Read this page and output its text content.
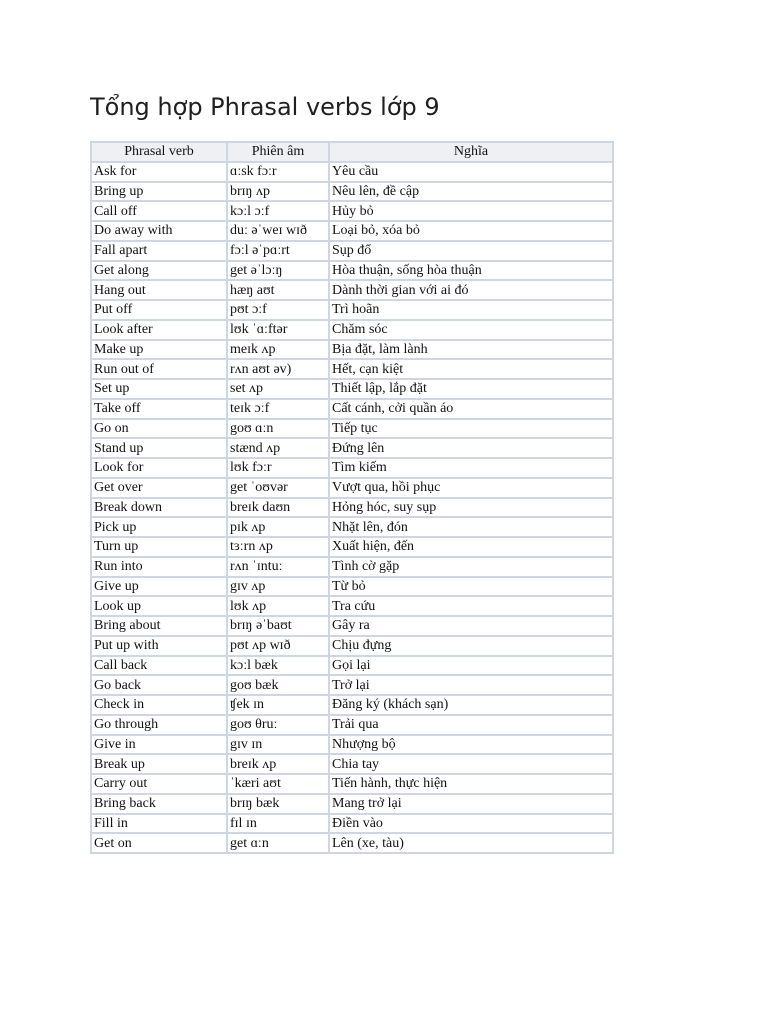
Tổng hợp Phrasal verbs lớp 9
Phrasal verb	Phiên âm	Nghĩa
Ask for	ɑːsk fɔːr	Yêu cầu
Bring up	brɪŋ ʌp	Nêu lên, đề cập
Call off	kɔːl ɔːf	Hủy bỏ
Do away with	duː əˈweɪ wɪð	Loại bỏ, xóa bỏ
Fall apart	fɔːl əˈpɑːrt	Sụp đổ
Get along	get əˈlɔːŋ	Hòa thuận, sống hòa thuận
Hang out	hæŋ aʊt	Dành thời gian với ai đó
Put off	pʊt ɔːf	Trì hoãn
Look after	lʊk ˈɑːftər	Chăm sóc
Make up	meɪk ʌp	Bịa đặt, làm lành
Run out of	rʌn aʊt əv)	Hết, cạn kiệt
Set up	set ʌp	Thiết lập, lắp đặt
Take off	teɪk ɔːf	Cất cánh, cởi quần áo
Go on	goʊ ɑːn	Tiếp tục
Stand up	stænd ʌp	Đứng lên
Look for	lʊk fɔːr	Tìm kiếm
Get over	get ˈoʊvər	Vượt qua, hồi phục
Break down	breɪk daʊn	Hỏng hóc, suy sụp
Pick up	pɪk ʌp	Nhặt lên, đón
Turn up	tɜːrn ʌp	Xuất hiện, đến
Run into	rʌn ˈɪntuː	Tình cờ gặp
Give up	gɪv ʌp	Từ bỏ
Look up	lʊk ʌp	Tra cứu
Bring about	brɪŋ əˈbaʊt	Gây ra
Put up with	pʊt ʌp wɪð	Chịu đựng
Call back	kɔːl bæk	Gọi lại
Go back	goʊ bæk	Trở lại
Check in	ʧek ɪn	Đăng ký (khách sạn)
Go through	goʊ θruː	Trải qua
Give in	gɪv ɪn	Nhượng bộ
Break up	breɪk ʌp	Chia tay
Carry out	ˈkæri aʊt	Tiến hành, thực hiện
Bring back	brɪŋ bæk	Mang trở lại
Fill in	fɪl ɪn	Điền vào
Get on	get ɑːn	Lên (xe, tàu)
